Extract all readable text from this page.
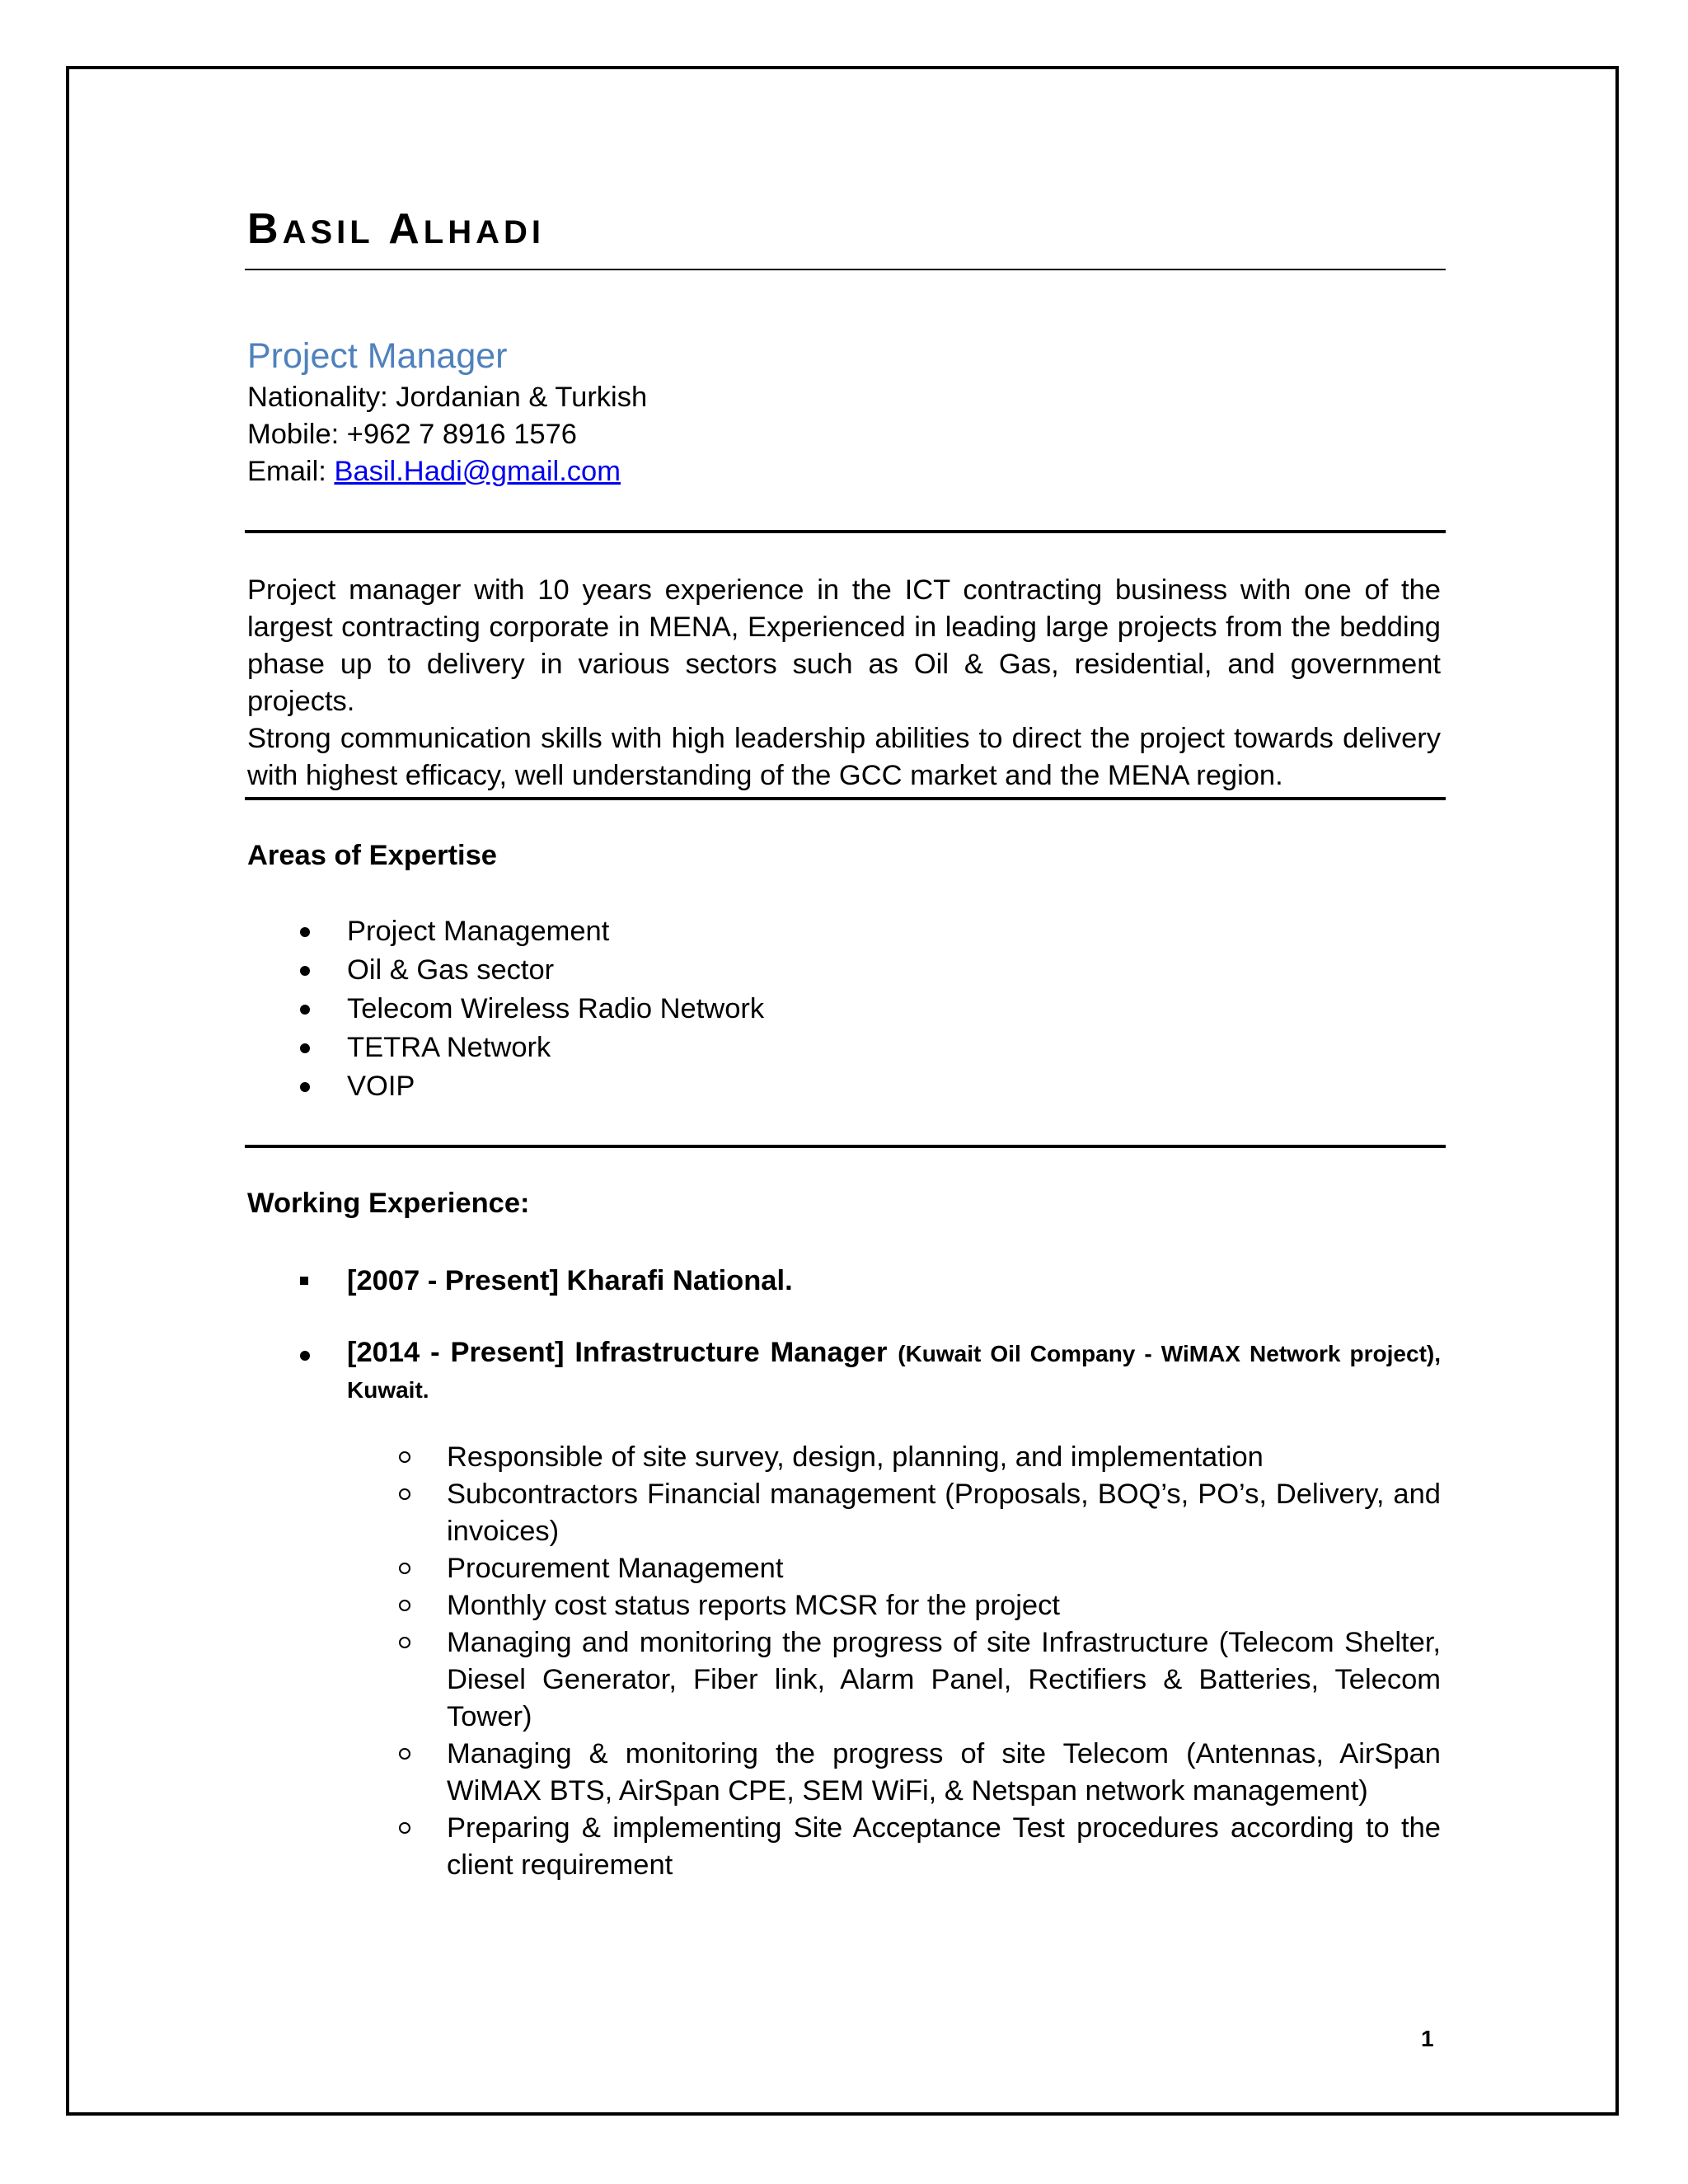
BASIL ALHADI
Project Manager
Nationality: Jordanian & Turkish
Mobile: +962 7 8916 1576
Email: Basil.Hadi@gmail.com

Project manager with 10 years experience in the ICT contracting business with one of the largest contracting corporate in MENA, Experienced in leading large projects from the bedding phase up to delivery in various sectors such as Oil & Gas, residential, and government projects.

Strong communication skills with high leadership abilities to direct the project towards delivery with highest efficacy, well understanding of the GCC market and the MENA region.

Areas of Expertise
Project Management
Oil & Gas sector
Telecom Wireless Radio Network
TETRA Network
VOIP
Working Experience:
[2007 - Present] Kharafi National.
[2014 - Present] Infrastructure Manager (Kuwait Oil Company - WiMAX Network project), Kuwait.
Responsible of site survey, design, planning, and implementation
Subcontractors Financial management (Proposals, BOQ’s, PO’s, Delivery, and invoices)
Procurement Management
Monthly cost status reports MCSR for the project
Managing and monitoring the progress of site Infrastructure (Telecom Shelter, Diesel Generator, Fiber link, Alarm Panel, Rectifiers & Batteries, Telecom Tower)
Managing & monitoring the progress of site Telecom (Antennas, AirSpan WiMAX BTS, AirSpan CPE, SEM WiFi, & Netspan network management)
Preparing & implementing Site Acceptance Test procedures according to the client requirement
1
